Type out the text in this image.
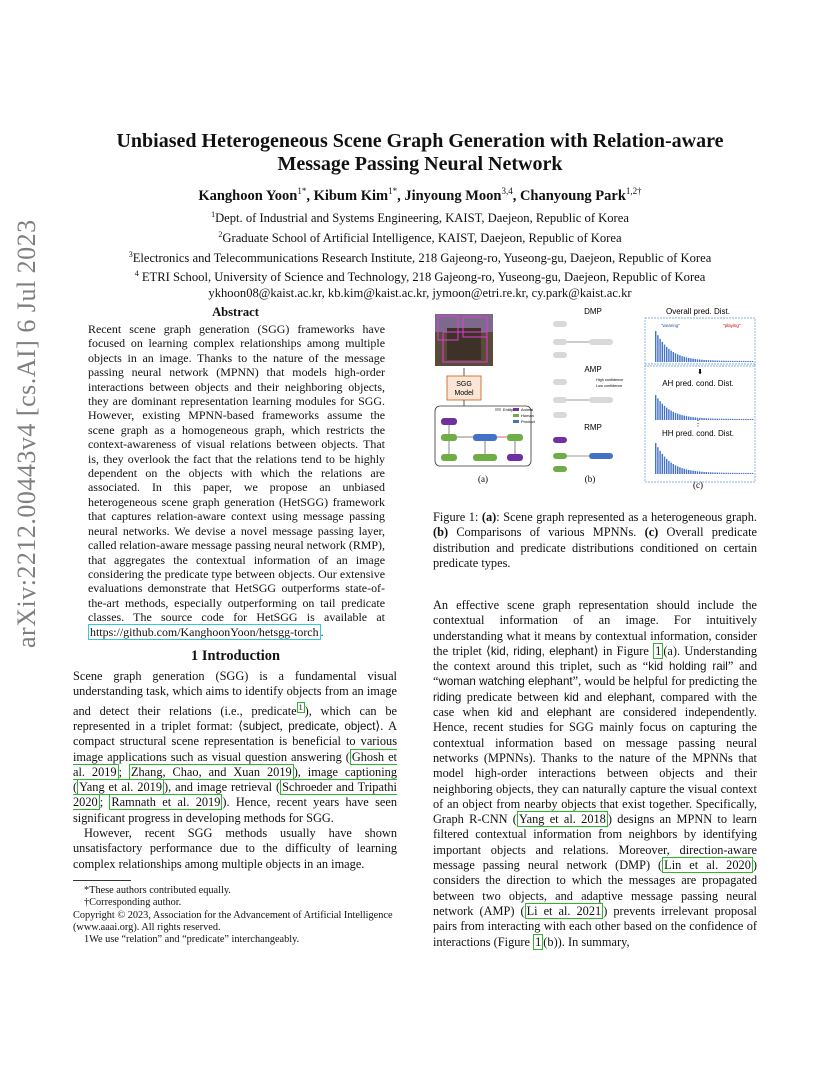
arXiv:2212.00443v4 [cs.AI] 6 Jul 2023
Unbiased Heterogeneous Scene Graph Generation with Relation-aware
Message Passing Neural Network
Kanghoon Yoon$^{1*}$, Kibum Kim$^{1*}$, Jinyoung Moon$^{3,4}$, Chanyoung Park$^{1,2\dagger}$
$^1$Dept. of Industrial and Systems Engineering, KAIST, Daejeon, Republic of Korea
$^2$Graduate School of Artificial Intelligence, KAIST, Daejeon, Republic of Korea
$^3$Electronics and Telecommunications Research Institute, 218 Gajeong-ro, Yuseong-gu, Daejeon, Republic of Korea
$^4$ ETRI School, University of Science and Technology, 218 Gajeong-ro, Yuseong-gu, Daejeon, Republic of Korea
ykhoon08@kaist.ac.kr, kb.kim@kaist.ac.kr, jymoon@etri.re.kr, cy.park@kaist.ac.kr
Abstract
Recent scene graph generation (SGG) frameworks have focused on learning complex relationships among multiple objects in an image. Thanks to the nature of the message passing neural network (MPNN) that models high-order interactions between objects and their neighboring objects, they are dominant representation learning modules for SGG. However, existing MPNN-based frameworks assume the scene graph as a homogeneous graph, which restricts the context-awareness of visual relations between objects. That is, they overlook the fact that the relations tend to be highly dependent on the objects with which the relations are associated. In this paper, we propose an unbiased heterogeneous scene graph generation (HetSGG) framework that captures relation-aware context using message passing neural networks. We devise a novel message passing layer, called relation-aware message passing neural network (RMP), that aggregates the contextual information of an image considering the predicate type between objects. Our extensive evaluations demonstrate that HetSGG outperforms state-of-the-art methods, especially outperforming on tail predicate classes. The source code for HetSGG is available at https://github.com/KanghoonYoon/hetsgg-torch .
1 Introduction

Scene graph generation (SGG) is a fundamental visual understanding task, which aims to identify objects from an image and detect their relations (i.e., predicate $^1$ ), which can be represented in a triplet format: ⟨subject, predicate, object⟩. A compact structural scene representation is beneficial to various image applications such as visual question answering ( Ghosh et al. 2019 ; Zhang, Chao, and Xuan 2019 ), image captioning ( Yang et al. 2019 ), and image retrieval ( Schroeder and Tripathi 2020 ; Ramnath et al. 2019 ). Hence, recent years have seen significant progress in developing methods for SGG.

However, recent SGG methods usually have shown unsatisfactory performance due to the difficulty of learning complex relationships among multiple objects in an image.

*These authors contributed equally.
†Corresponding author.
Copyright © 2023, Association for the Advancement of Artificial Intelligence (www.aaai.org). All rights reserved.
1We use “relation” and “predicate” interchangeably.
SGG
Model
Entity Animal
Human
Product
(a)
DMP
AMP
RMP
High confidence
Low confidence
(b)
Overall pred. Dist.
"wearing"	"playing"
⬇
AH pred. cond. Dist.
⋮
HH pred. cond. Dist.
(c)
Figure 1: (a): Scene graph represented as a heterogeneous graph. (b) Comparisons of various MPNNs. (c) Overall predicate distribution and predicate distributions conditioned on certain predicate types.
An effective scene graph representation should include the contextual information of an image. For intuitively understanding what it means by contextual information, consider the triplet ⟨kid, riding, elephant⟩ in Figure 1 (a). Understanding the context around this triplet, such as “kid holding rail” and “woman watching elephant”, would be helpful for predicting the riding predicate between kid and elephant, compared with the case when kid and elephant are considered independently. Hence, recent studies for SGG mainly focus on capturing the contextual information based on message passing neural networks (MPNNs). Thanks to the nature of the MPNNs that model high-order interactions between objects and their neighboring objects, they can naturally capture the visual context of an object from nearby objects that exist together. Specifically, Graph R-CNN ( Yang et al. 2018 ) designs an MPNN to learn filtered contextual information from neighbors by identifying important objects and relations. Moreover, direction-aware message passing neural network (DMP) ( Lin et al. 2020 ) considers the direction to which the messages are propagated between two objects, and adaptive message passing neural network (AMP) ( Li et al. 2021 ) prevents irrelevant proposal pairs from interacting with each other based on the confidence of interactions (Figure 1 (b)). In summary,
